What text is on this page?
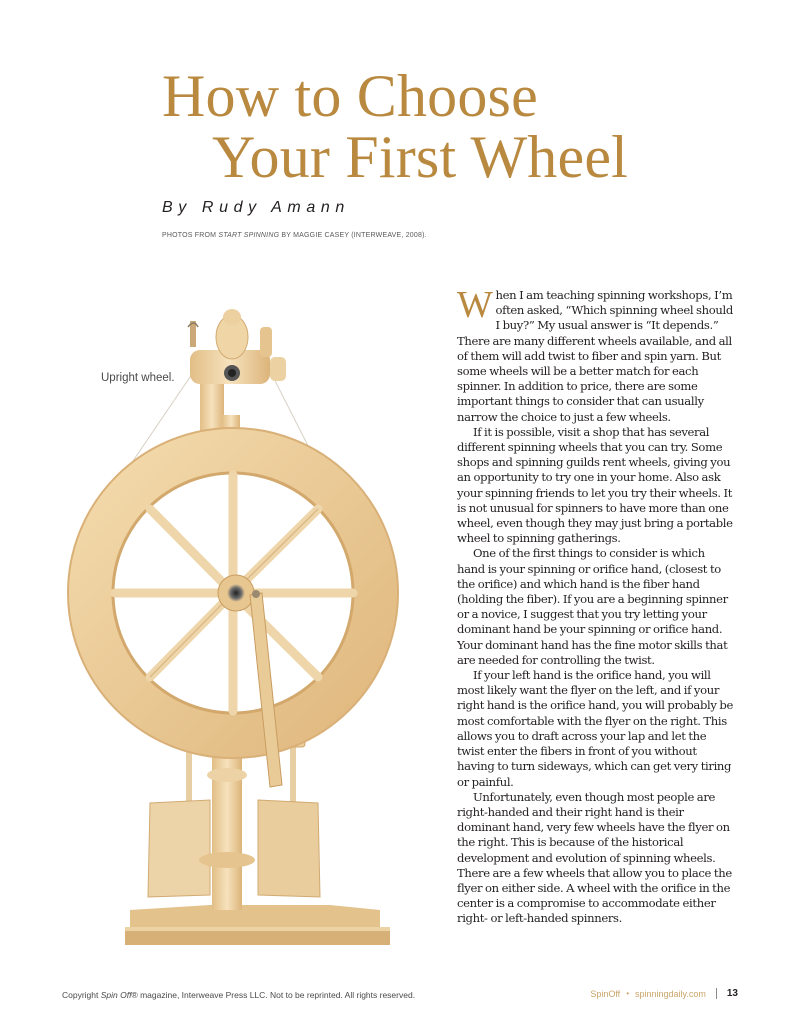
How to Choose
Your First Wheel
By Rudy Amann
PHOTOS FROM START SPINNING BY MAGGIE CASEY (INTERWEAVE, 2008).
Upright wheel.

When I am teaching spinning workshops, I’m often asked, “Which spinning wheel should I buy?” My usual answer is “It depends.” There are many different wheels available, and all of them will add twist to fiber and spin yarn. But some wheels will be a better match for each spinner. In addition to price, there are some important things to consider that can usually narrow the choice to just a few wheels.

If it is possible, visit a shop that has several different spinning wheels that you can try. Some shops and spinning guilds rent wheels, giving you an opportunity to try one in your home. Also ask your spinning friends to let you try their wheels. It is not unusual for spinners to have more than one wheel, even though they may just bring a portable wheel to spinning gatherings.

One of the first things to consider is which hand is your spinning or orifice hand, (closest to the orifice) and which hand is the fiber hand (holding the fiber). If you are a beginning spinner or a novice, I suggest that you try letting your dominant hand be your spinning or orifice hand. Your dominant hand has the fine motor skills that are needed for controlling the twist.

If your left hand is the orifice hand, you will most likely want the flyer on the left, and if your right hand is the orifice hand, you will probably be most comfortable with the flyer on the right. This allows you to draft across your lap and let the twist enter the fibers in front of you without having to turn sideways, which can get very tiring or painful.

Unfortunately, even though most people are right-handed and their right hand is their dominant hand, very few wheels have the flyer on the right. This is because of the historical development and evolution of spinning wheels. There are a few wheels that allow you to place the flyer on either side. A wheel with the orifice in the center is a compromise to accommodate either right- or left-handed spinners.

Copyright Spin Off® magazine, Interweave Press LLC. Not to be reprinted. All rights reserved.	SpinOff • spinningdaily.com 13
